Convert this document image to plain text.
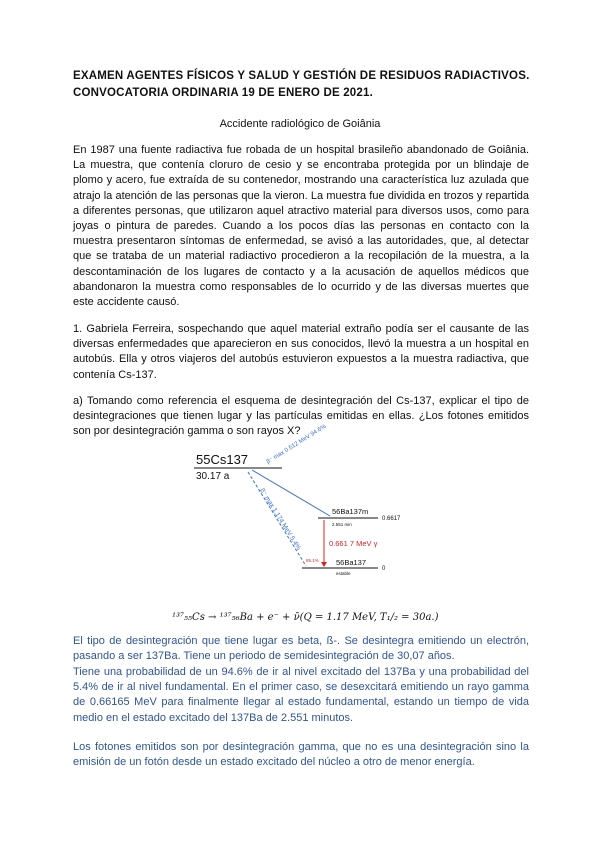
EXAMEN AGENTES FÍSICOS Y SALUD Y GESTIÓN DE RESIDUOS RADIACTIVOS.
CONVOCATORIA ORDINARIA 19 DE ENERO DE 2021.
Accidente radiológico de Goiânia
En 1987 una fuente radiactiva fue robada de un hospital brasileño abandonado de Goiânia. La muestra, que contenía cloruro de cesio y se encontraba protegida por un blindaje de plomo y acero, fue extraída de su contenedor, mostrando una característica luz azulada que atrajo la atención de las personas que la vieron. La muestra fue dividida en trozos y repartida a diferentes personas, que utilizaron aquel atractivo material para diversos usos, como para joyas o pintura de paredes. Cuando a los pocos días las personas en contacto con la muestra presentaron síntomas de enfermedad, se avisó a las autoridades, que, al detectar que se trataba de un material radiactivo procedieron a la recopilación de la muestra, a la descontaminación de los lugares de contacto y a la acusación de aquellos médicos que abandonaron la muestra como responsables de lo ocurrido y de las diversas muertes que este accidente causó.
1. Gabriela Ferreira, sospechando que aquel material extraño podía ser el causante de las diversas enfermedades que aparecieron en sus conocidos, llevó la muestra a un hospital en autobús. Ella y otros viajeros del autobús estuvieron expuestos a la muestra radiactiva, que contenía Cs-137.
a) Tomando como referencia el esquema de desintegración del Cs-137, explicar el tipo de desintegraciones que tienen lugar y las partículas emitidas en ellas. ¿Los fotones emitidos son por desintegración gamma o son rayos X?
55Cs137
30.17 a
β⁻ max 0.512 MeV 94.6%
β⁻ max 1.174 MeV 5.4%	56Ba137m
0.6617
2.551 min
0.661 7 MeV γ
85.1% 56Ba137
0
estable
¹³⁷₅₅Cs → ¹³⁷₅₆Ba + e⁻ + ν̄(Q = 1.17 MeV, T₁/₂ = 30a.)
El tipo de desintegración que tiene lugar es beta, ß-. Se desintegra emitiendo un electrón, pasando a ser 137Ba. Tiene un periodo de semidesintegración de 30,07 años.
Tiene una probabilidad de un 94.6% de ir al nivel excitado del 137Ba y una probabilidad del 5.4% de ir al nivel fundamental. En el primer caso, se desexcitará emitiendo un rayo gamma de 0.66165 MeV para finalmente llegar al estado fundamental, estando un tiempo de vida medio en el estado excitado del 137Ba de 2.551 minutos.
Los fotones emitidos son por desintegración gamma, que no es una desintegración sino la emisión de un fotón desde un estado excitado del núcleo a otro de menor energía.
